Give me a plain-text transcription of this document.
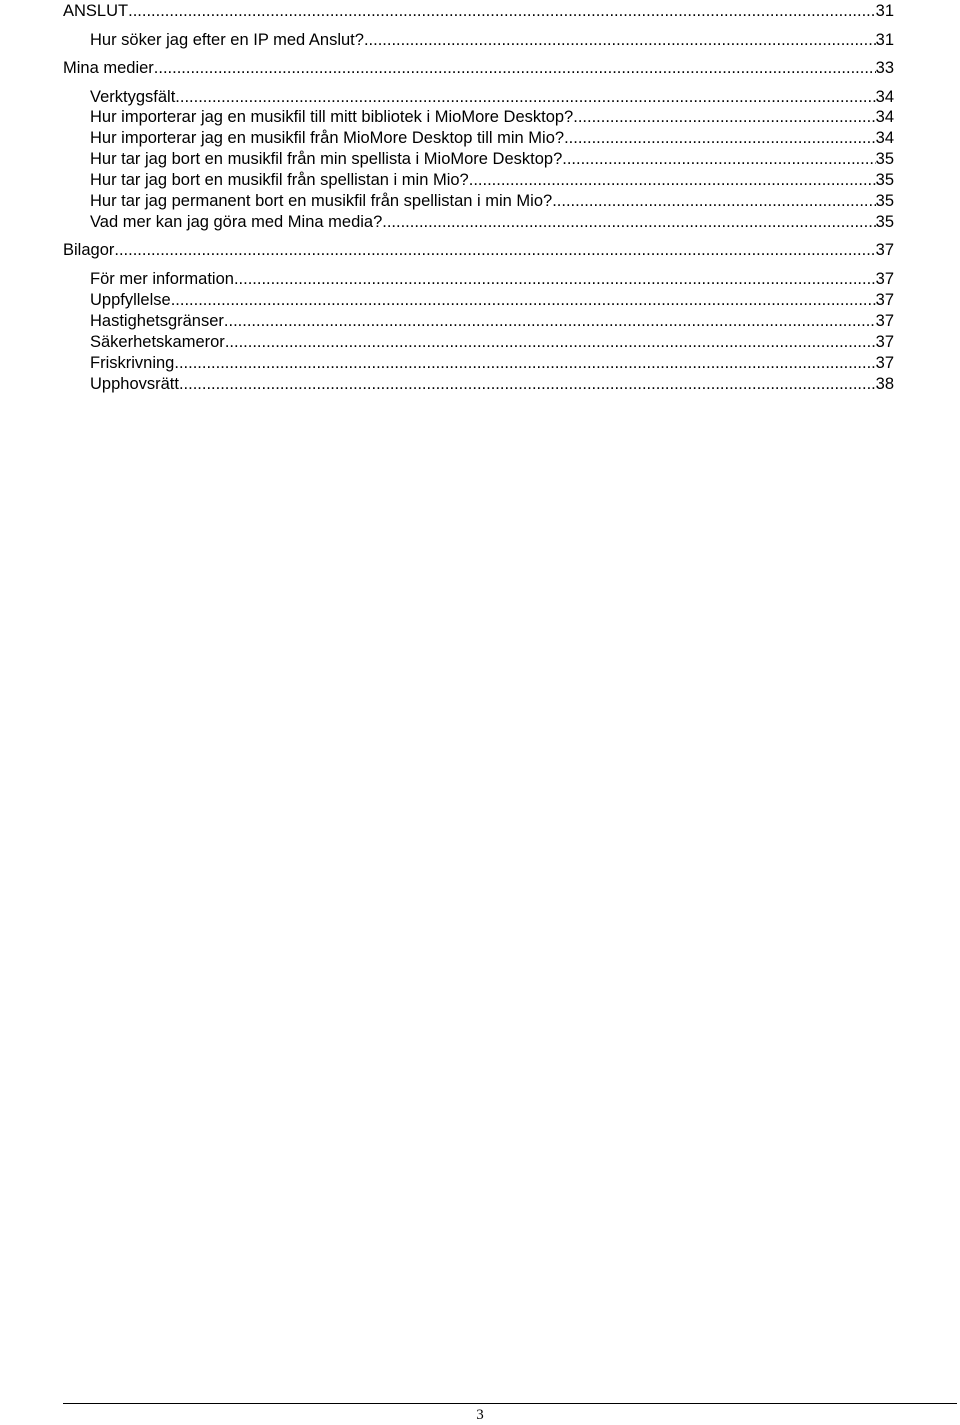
ANSLUT .....	31
Hur söker jag efter en IP med Anslut? .....	31
Mina medier .....	33
Verktygsfält .....	34
Hur importerar jag en musikfil till mitt bibliotek i MioMore Desktop? .....	34
Hur importerar jag en musikfil från MioMore Desktop till min Mio? .....	34
Hur tar jag bort en musikfil från min spellista i MioMore Desktop? .....	35
Hur tar jag bort en musikfil från spellistan i min Mio? .....	35
Hur tar jag permanent bort en musikfil från spellistan i min Mio? .....	35
Vad mer kan jag göra med Mina media? .....	35
Bilagor .....	37
För mer information .....	37
Uppfyllelse .....	37
Hastighetsgränser .....	37
Säkerhetskameror .....	37
Friskrivning .....	37
Upphovsrätt .....	38
3
